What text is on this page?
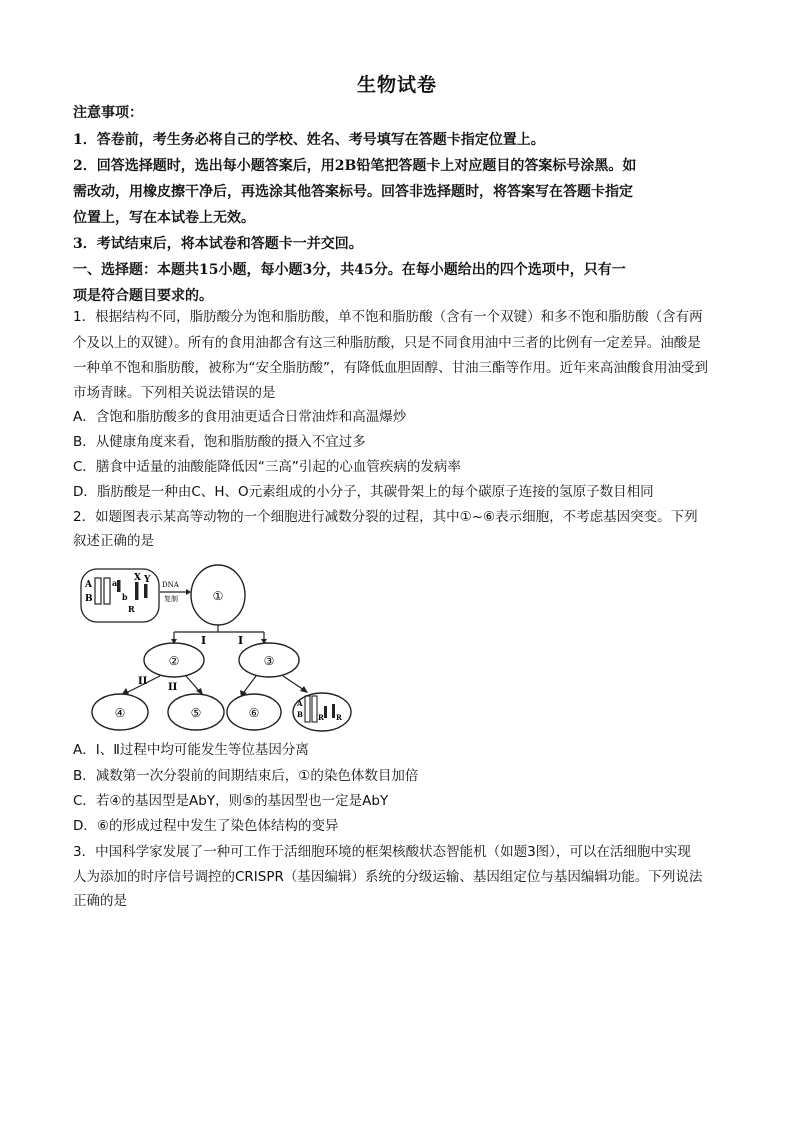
生物试卷
注意事项：
1．答卷前，考生务必将自己的学校、姓名、考号填写在答题卡指定位置上。
2．回答选择题时，选出每小题答案后，用2B铅笔把答题卡上对应题目的答案标号涂黑。如
需改动，用橡皮擦干净后，再选涂其他答案标号。回答非选择题时，将答案写在答题卡指定
位置上，写在本试卷上无效。
3．考试结束后，将本试卷和答题卡一并交回。
一、选择题：本题共15小题，每小题3分，共45分。在每小题给出的四个选项中，只有一
项是符合题目要求的。
1．根据结构不同，脂肪酸分为饱和脂肪酸，单不饱和脂肪酸（含有一个双键）和多不饱和脂肪酸（含有两
个及以上的双键）。所有的食用油都含有这三种脂肪酸，只是不同食用油中三者的比例有一定差异。油酸是
一种单不饱和脂肪酸，被称为“安全脂肪酸”，有降低血胆固醇、甘油三酯等作用。近年来高油酸食用油受到
市场青睐。下列相关说法错误的是
A．含饱和脂肪酸多的食用油更适合日常油炸和高温爆炒
B．从健康角度来看，饱和脂肪酸的摄入不宜过多
C．膳食中适量的油酸能降低因“三高”引起的心血管疾病的发病率
D．脂肪酸是一种由C、H、O元素组成的小分子，其碳骨架上的每个碳原子连接的氢原子数目相同
2．如题图表示某高等动物的一个细胞进行减数分裂的过程，其中①~⑥表示细胞，不考虑基因突变。下列
叙述正确的是
A
B
a
b
R
X Y DNA
复制	①
I	I
②	③
II
II
④	⑤	⑥
A
B R R
A．I、Ⅱ过程中均可能发生等位基因分离
B．减数第一次分裂前的间期结束后，①的染色体数目加倍
C．若④的基因型是AbY，则⑤的基因型也一定是AbY
D．⑥的形成过程中发生了染色体结构的变异
3．中国科学家发展了一种可工作于活细胞环境的框架核酸状态智能机（如题3图），可以在活细胞中实现
人为添加的时序信号调控的CRISPR（基因编辑）系统的分级运输、基因组定位与基因编辑功能。下列说法
正确的是
